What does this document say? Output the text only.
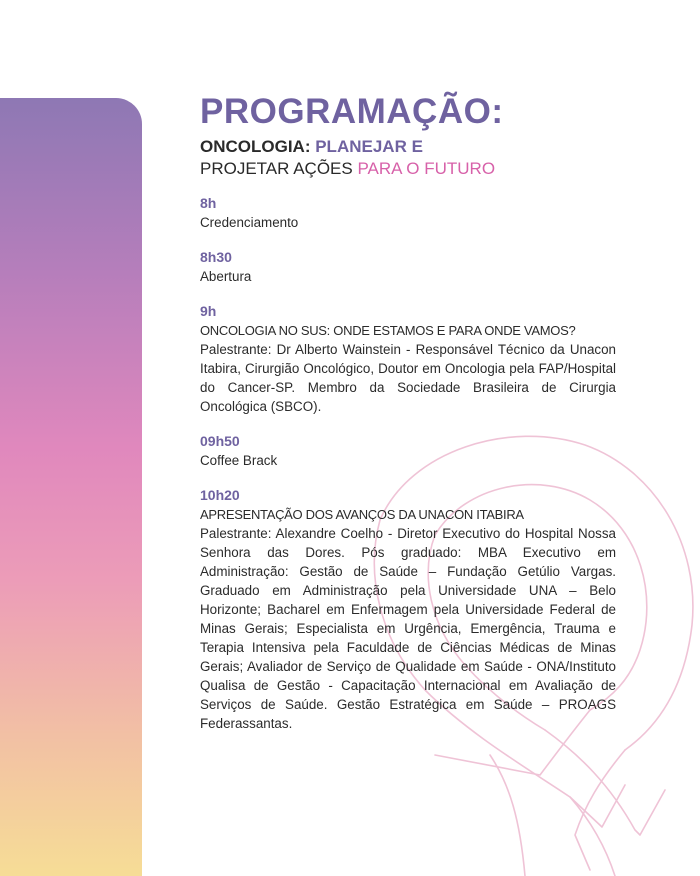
PROGRAMAÇÃO:
ONCOLOGIA: PLANEJAR E
PROJETAR AÇÕES PARA O FUTURO
8h
Credenciamento
8h30
Abertura
9h
ONCOLOGIA NO SUS: ONDE ESTAMOS E PARA ONDE VAMOS?
Palestrante: Dr Alberto Wainstein - Responsável Técnico da Unacon Itabira, Cirurgião Oncológico, Doutor em Oncologia pela FAP/Hospital do Cancer-SP. Membro da Sociedade Brasileira de Cirurgia Oncológica (SBCO).
09h50
Coffee Brack
10h20
APRESENTAÇÃO DOS AVANÇOS DA UNACON ITABIRA
Palestrante: Alexandre Coelho - Diretor Executivo do Hospital Nossa Senhora das Dores. Pós graduado: MBA Executivo em Administração: Gestão de Saúde – Fundação Getúlio Vargas. Graduado em Administração pela Universidade UNA – Belo Horizonte; Bacharel em Enfermagem pela Universidade Federal de Minas Gerais; Especialista em Urgência, Emergência, Trauma e Terapia Intensiva pela Faculdade de Ciências Médicas de Minas Gerais; Avaliador de Serviço de Qualidade em Saúde - ONA/Instituto Qualisa de Gestão - Capacitação Internacional em Avaliação de Serviços de Saúde. Gestão Estratégica em Saúde – PROAGS Federassantas.
